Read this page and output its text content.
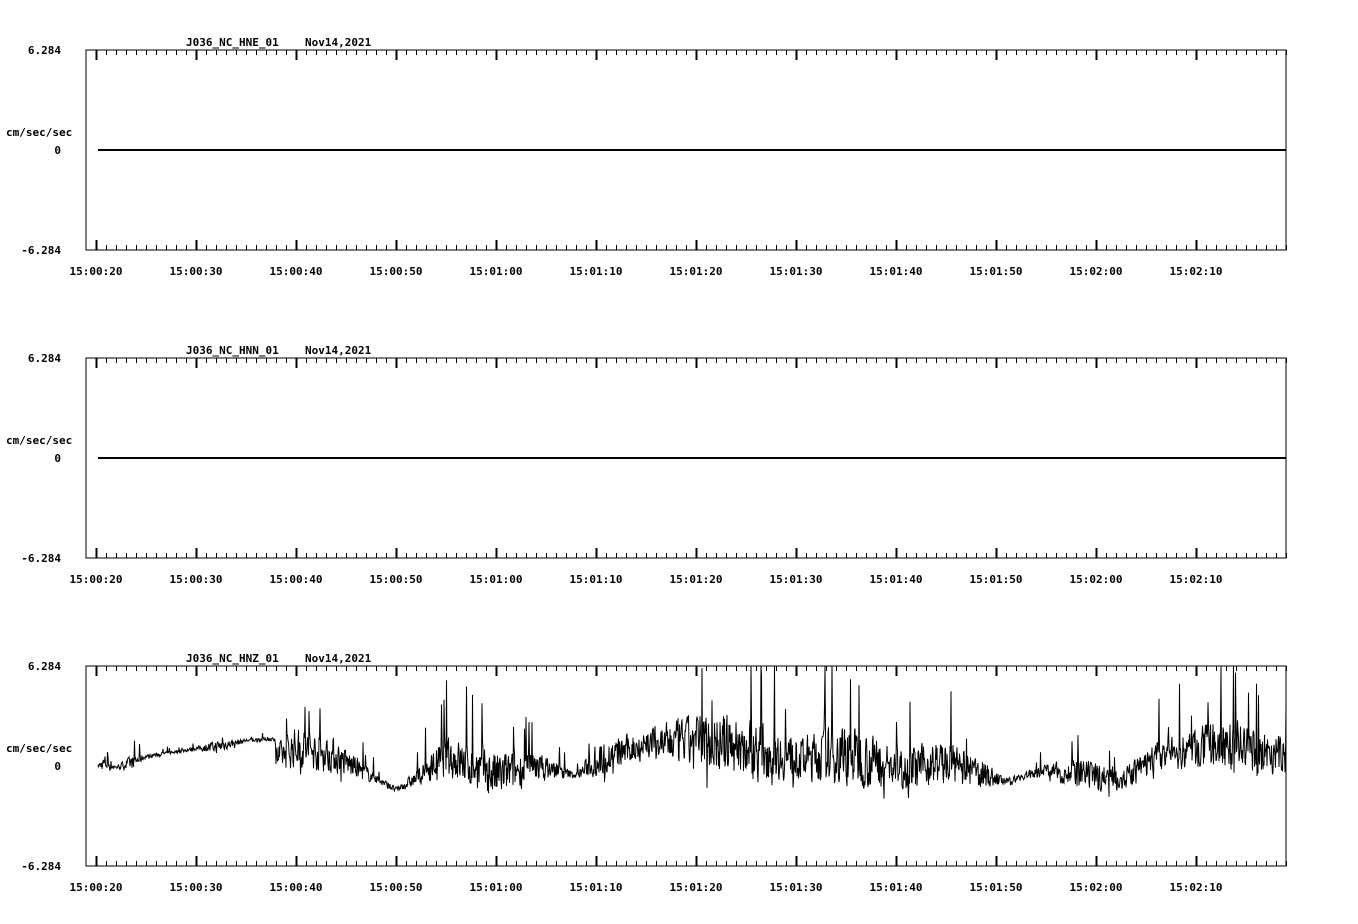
J036_NC_HNE_01 Nov14,2021
cm/sec/sec
6.284
0
-6.284
15:00:20	15:00:30	15:00:40	15:00:50	15:01:00	15:01:10	15:01:20	15:01:30	15:01:40	15:01:50	15:02:00	15:02:10
J036_NC_HNN_01 Nov14,2021
cm/sec/sec
6.284
0
-6.284
15:00:20	15:00:30	15:00:40	15:00:50	15:01:00	15:01:10	15:01:20	15:01:30	15:01:40	15:01:50	15:02:00	15:02:10
J036_NC_HNZ_01 Nov14,2021
cm/sec/sec
6.284
0
-6.284
15:00:20	15:00:30	15:00:40	15:00:50	15:01:00	15:01:10	15:01:20	15:01:30	15:01:40	15:01:50	15:02:00	15:02:10
